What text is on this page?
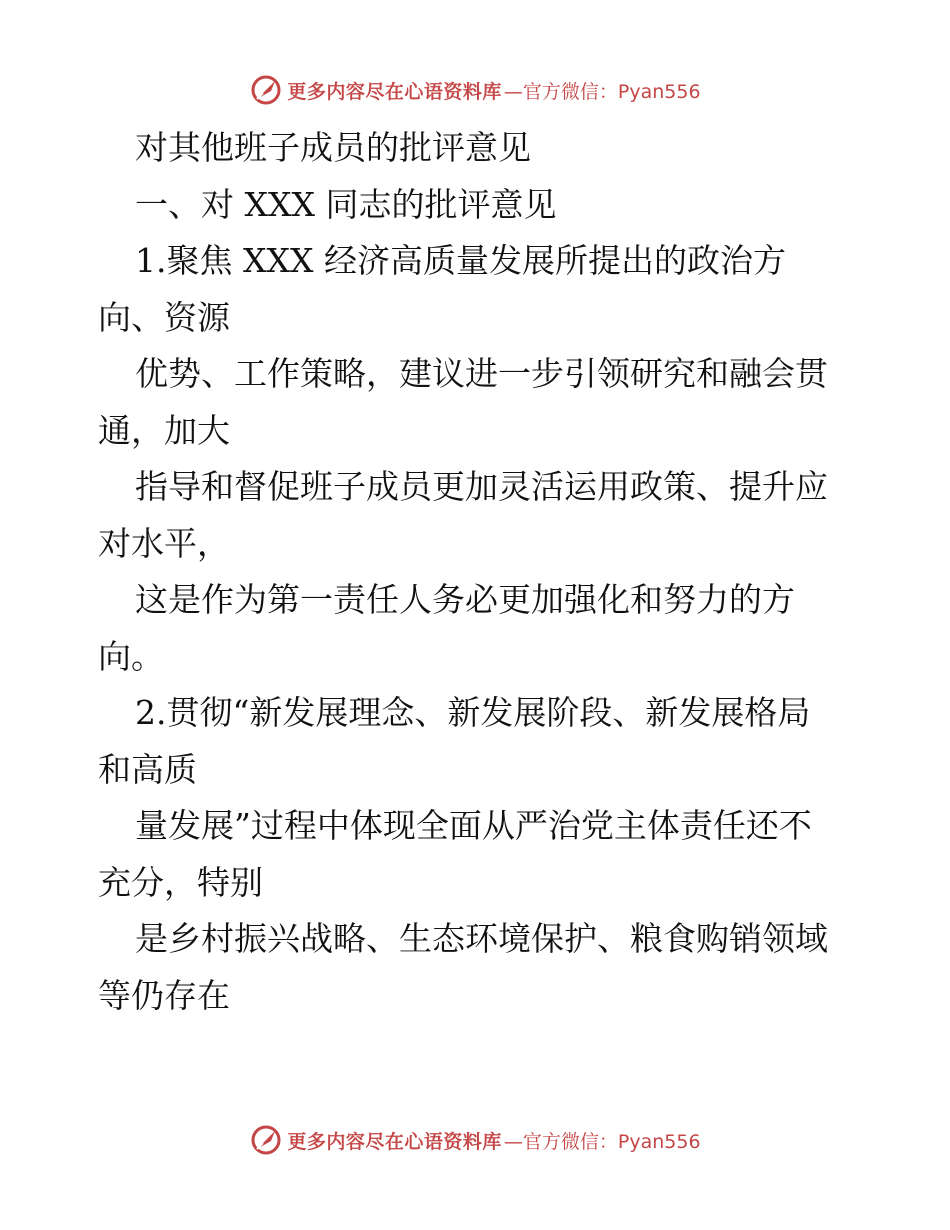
更多内容尽在心语资料库 —官方微信：Pyan556
对其他班子成员的批评意见
一、对 XXX 同志的批评意见
1.聚焦 XXX 经济高质量发展所提出的政治方
向、资源
优势、工作策略，建议进一步引领研究和融会贯
通，加大
指导和督促班子成员更加灵活运用政策、提升应
对水平，
这是作为第一责任人务必更加强化和努力的方
向。
2.贯彻“新发展理念、新发展阶段、新发展格局
和高质
量发展”过程中体现全面从严治党主体责任还不
充分，特别
是乡村振兴战略、生态环境保护、粮食购销领域
等仍存在
更多内容尽在心语资料库 —官方微信：Pyan556
